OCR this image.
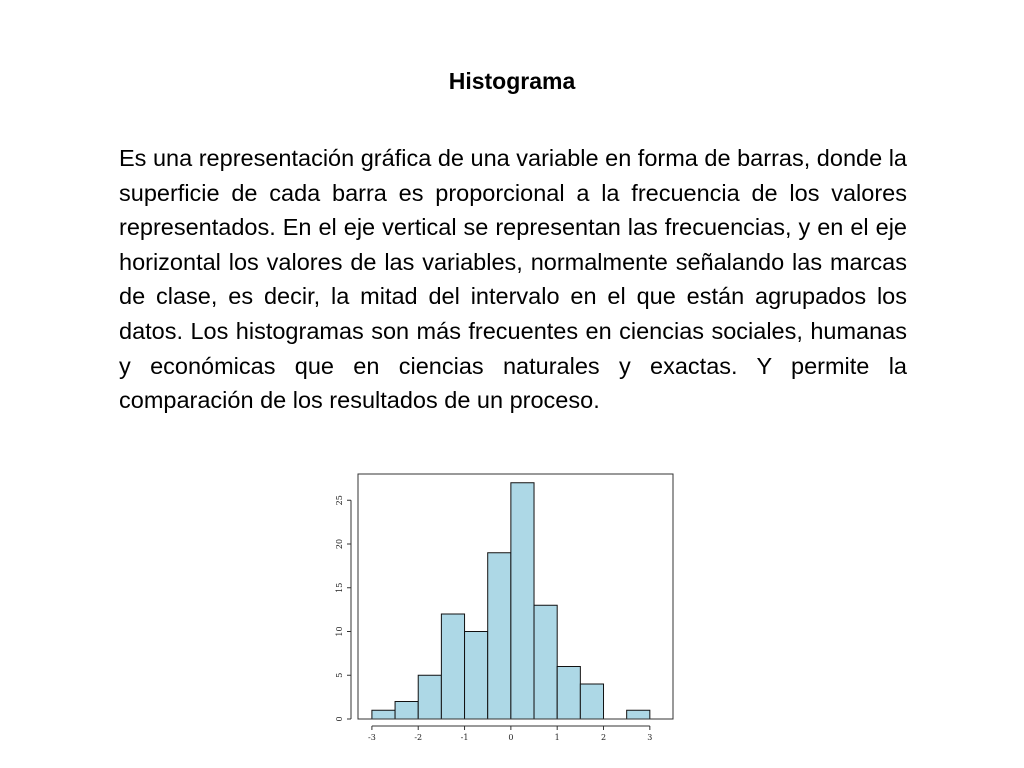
Histograma

Es una representación gráfica de una variable en forma de barras, donde la superficie de cada barra es proporcional a la frecuencia de los valores representados. En el eje vertical se representan las frecuencias, y en el eje horizontal los valores de las variables, normalmente señalando las marcas de clase, es decir, la mitad del intervalo en el que están agrupados los datos. Los histogramas son más frecuentes en ciencias sociales, humanas y económicas que en ciencias naturales y exactas. Y permite la comparación de los resultados de un proceso.

-3	-2	-1	0	1	2	3
0
5
10
15
20
25
